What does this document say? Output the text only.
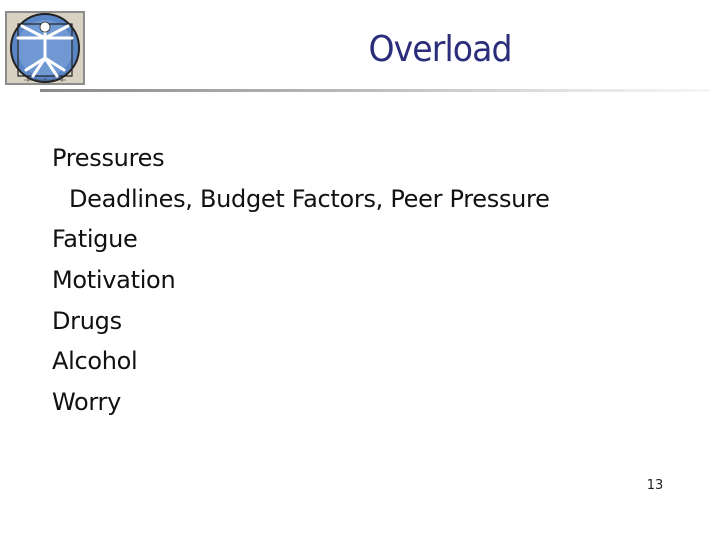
Overload
Pressures
Deadlines, Budget Factors, Peer Pressure
Fatigue
Motivation
Drugs
Alcohol
Worry
13
